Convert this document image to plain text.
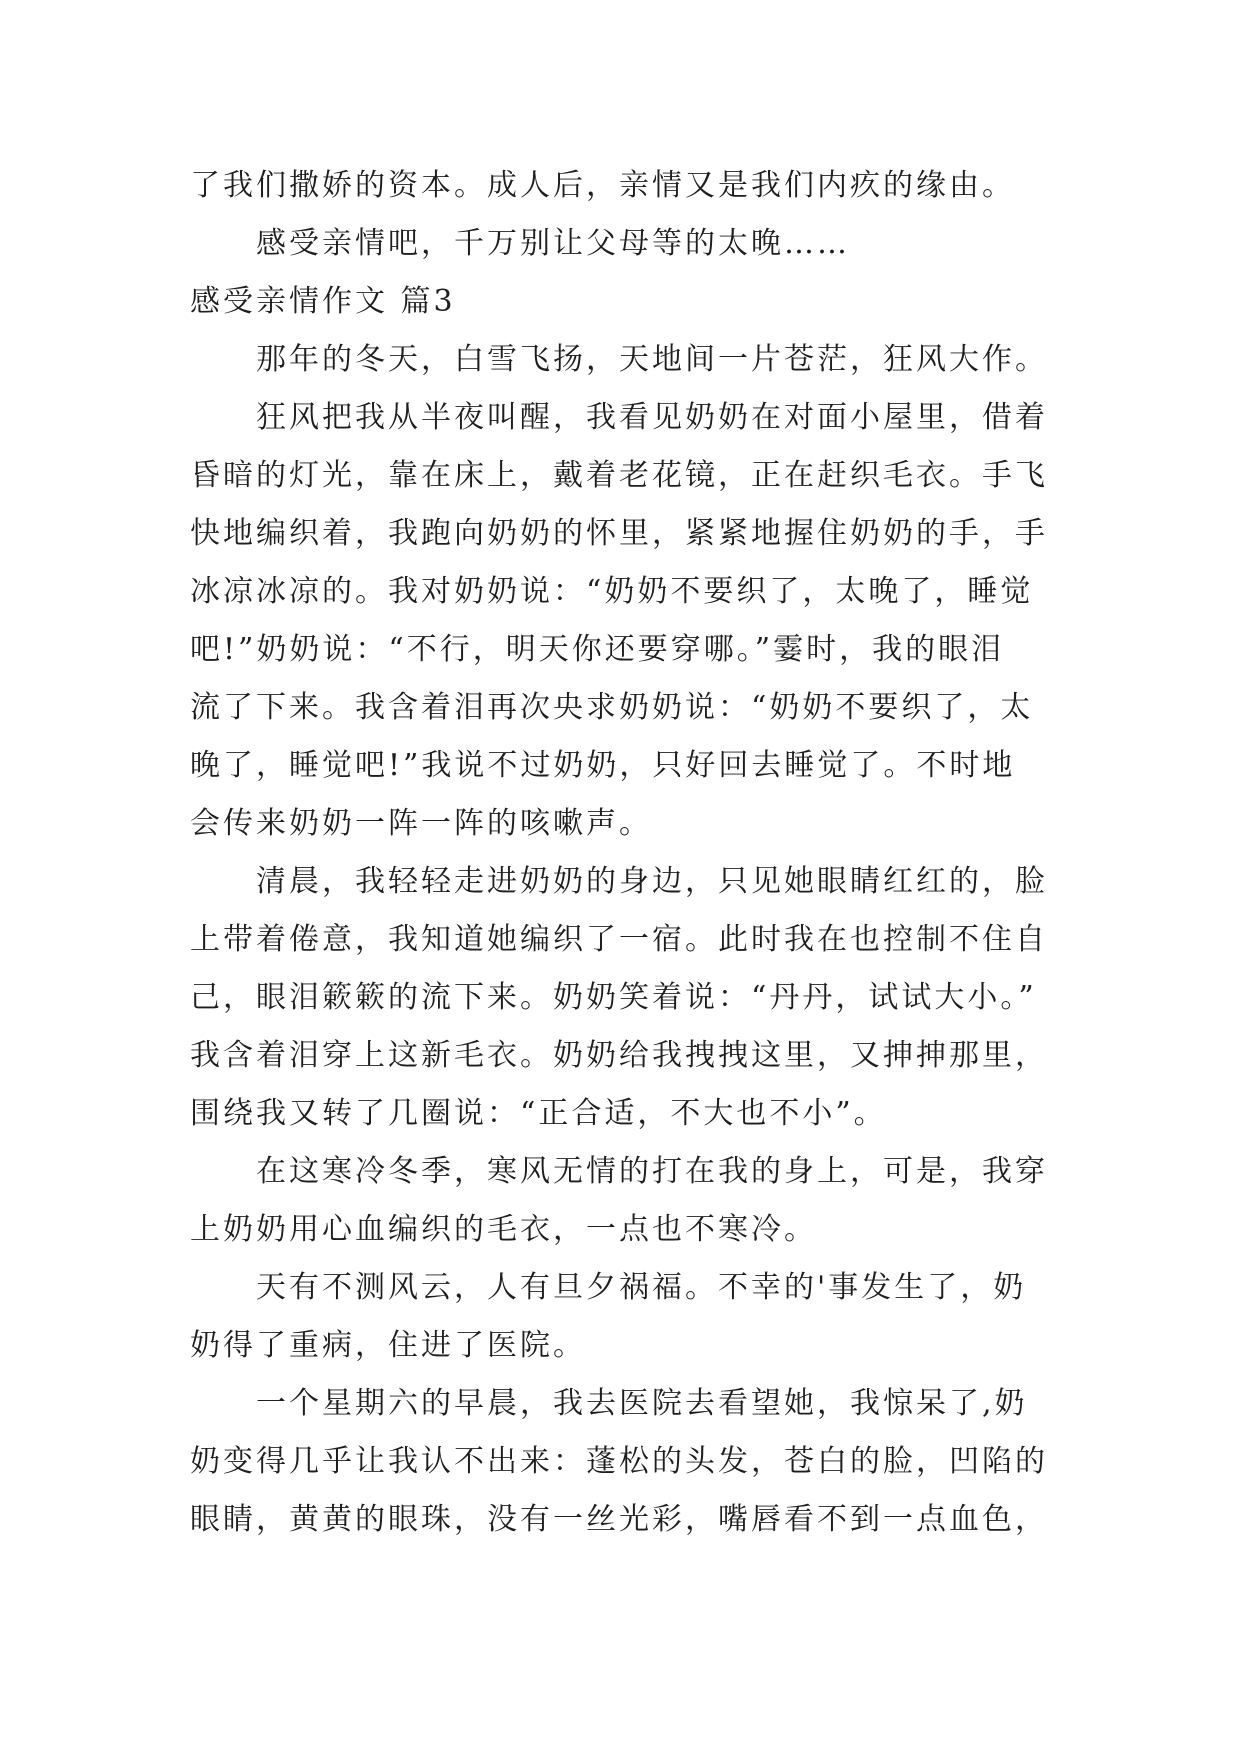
了我们撒娇的资本。成人后，亲情又是我们内疚的缘由。
感受亲情吧，千万别让父母等的太晚……
感受亲情作文 篇3
那年的冬天，白雪飞扬，天地间一片苍茫，狂风大作。
狂风把我从半夜叫醒，我看见奶奶在对面小屋里，借着
昏暗的灯光，靠在床上，戴着老花镜，正在赶织毛衣。手飞
快地编织着，我跑向奶奶的怀里，紧紧地握住奶奶的手，手
冰凉冰凉的。我对奶奶说：“奶奶不要织了，太晚了，睡觉
吧!”奶奶说：“不行，明天你还要穿哪。”霎时，我的眼泪
流了下来。我含着泪再次央求奶奶说：“奶奶不要织了，太
晚了，睡觉吧!”我说不过奶奶，只好回去睡觉了。不时地
会传来奶奶一阵一阵的咳嗽声。
清晨，我轻轻走进奶奶的身边，只见她眼睛红红的，脸
上带着倦意，我知道她编织了一宿。此时我在也控制不住自
己，眼泪簌簌的流下来。奶奶笑着说：“丹丹，试试大小。”
我含着泪穿上这新毛衣。奶奶给我拽拽这里，又抻抻那里，
围绕我又转了几圈说：“正合适，不大也不小”。
在这寒冷冬季，寒风无情的打在我的身上，可是，我穿
上奶奶用心血编织的毛衣，一点也不寒冷。
天有不测风云，人有旦夕祸福。不幸的'事发生了，奶
奶得了重病，住进了医院。
一个星期六的早晨，我去医院去看望她，我惊呆了,奶
奶变得几乎让我认不出来：蓬松的头发，苍白的脸，凹陷的
眼睛，黄黄的眼珠，没有一丝光彩，嘴唇看不到一点血色，
